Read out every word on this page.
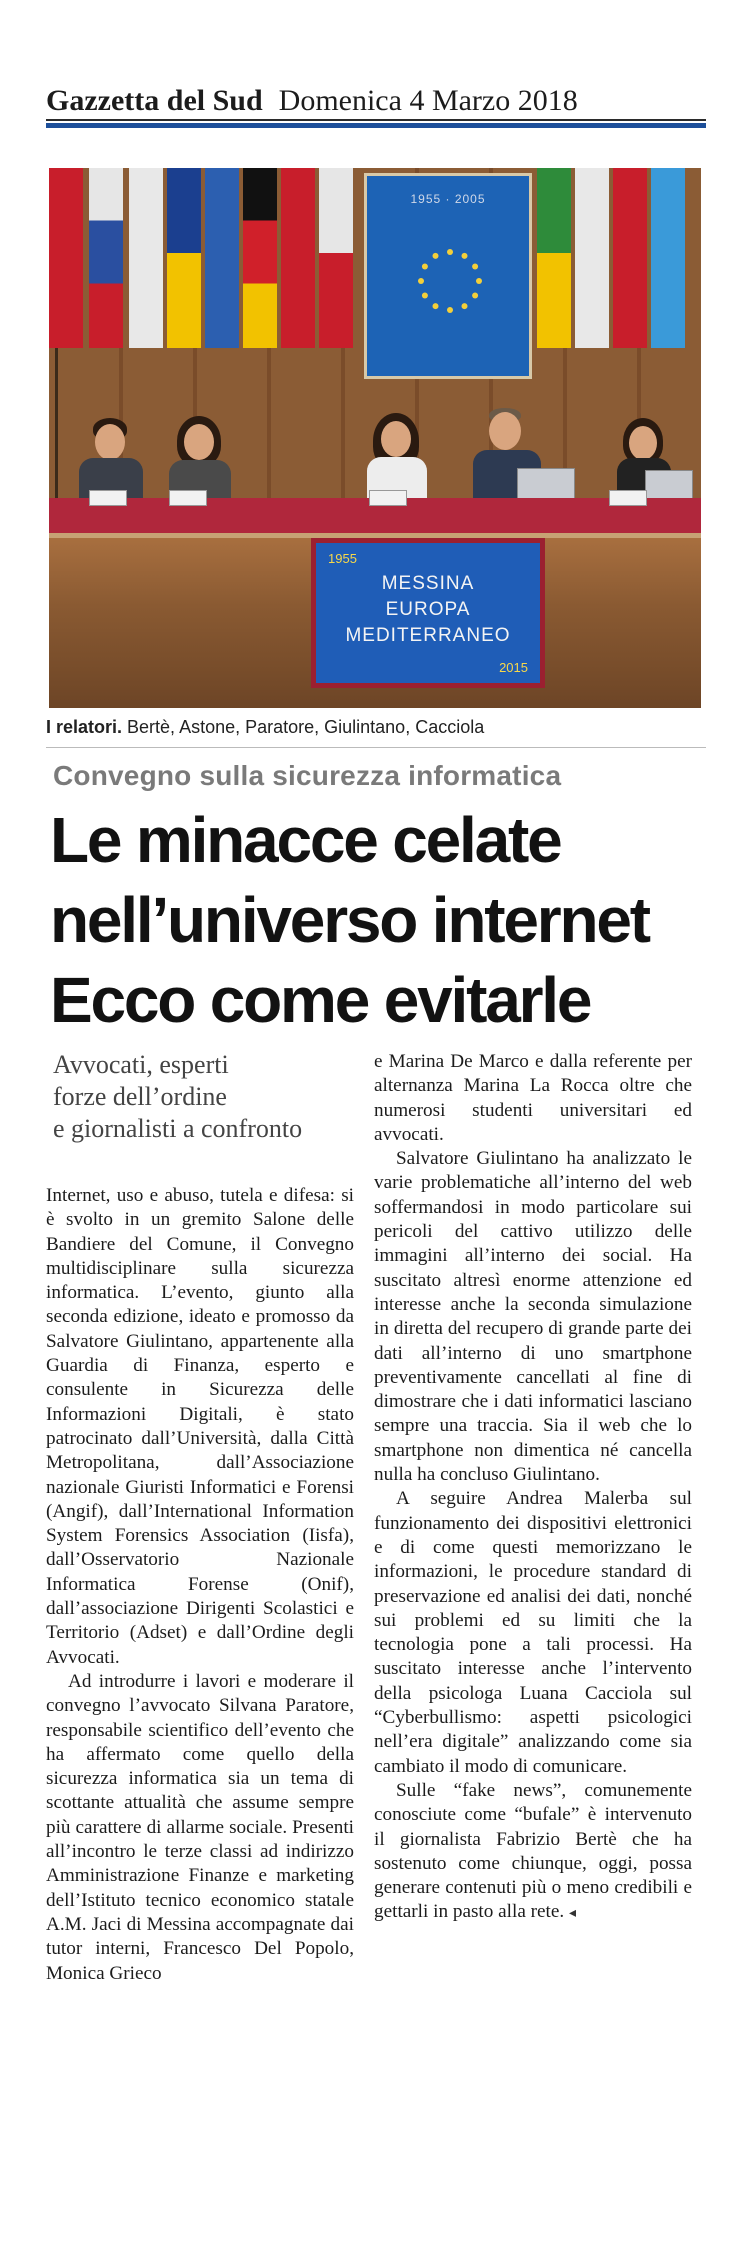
Gazzetta del Sud Domenica 4 Marzo 2018
1955 · 2005
1955
MESSINA
EUROPA
MEDITERRANEO
2015
I relatori. Bertè, Astone, Paratore, Giulintano, Cacciola
Convegno sulla sicurezza informatica
Le minacce celate
nell’universo internet
Ecco come evitarle
Avvocati, esperti
forze dell’ordine
e giornalisti a confronto

Internet, uso e abuso, tutela e difesa: si è svolto in un gremito Salone delle Bandiere del Comune, il Convegno multidisciplinare sulla sicurezza informatica. L’evento, giunto alla seconda edizione, ideato e promosso da Salvatore Giulintano, appartenente alla Guardia di Finanza, esperto e consulente in Sicurezza delle Informazioni Digitali, è stato patrocinato dall’Università, dalla Città Metropolitana, dall’Associazione nazionale Giuristi Informatici e Forensi (Angif), dall’International Information System Forensics Association (Iisfa), dall’Osservatorio Nazionale Informatica Forense (Onif), dall’associazione Dirigenti Scolastici e Territorio (Adset) e dall’Ordine degli Avvocati.

Ad introdurre i lavori e moderare il convegno l’avvocato Silvana Paratore, responsabile scientifico dell’evento che ha affermato come quello della sicurezza informatica sia un tema di scottante attualità che assume sempre più carattere di allarme sociale. Presenti all’incontro le terze classi ad indirizzo Amministrazione Finanze e marketing dell’Istituto tecnico economico statale A.M. Jaci di Messina accompagnate dai tutor interni, Francesco Del Popolo, Monica Grieco

e Marina De Marco e dalla referente per alternanza Marina La Rocca oltre che numerosi studenti universitari ed avvocati.

Salvatore Giulintano ha analizzato le varie problematiche all’interno del web soffermandosi in modo particolare sui pericoli del cattivo utilizzo delle immagini all’interno dei social. Ha suscitato altresì enorme attenzione ed interesse anche la seconda simulazione in diretta del recupero di grande parte dei dati all’interno di uno smartphone preventivamente cancellati al fine di dimostrare che i dati informatici lasciano sempre una traccia. Sia il web che lo smartphone non dimentica né cancella nulla ha concluso Giulintano.

A seguire Andrea Malerba sul funzionamento dei dispositivi elettronici e di come questi memorizzano le informazioni, le procedure standard di preservazione ed analisi dei dati, nonché sui problemi ed su limiti che la tecnologia pone a tali processi. Ha suscitato interesse anche l’intervento della psicologa Luana Cacciola sul “Cyberbullismo: aspetti psicologici nell’era digitale” analizzando come sia cambiato il modo di comunicare.

Sulle “fake news”, comunemente conosciute come “bufale” è intervenuto il giornalista Fabrizio Bertè che ha sostenuto come chiunque, oggi, possa generare contenuti più o meno credibili e gettarli in pasto alla rete. ◂
